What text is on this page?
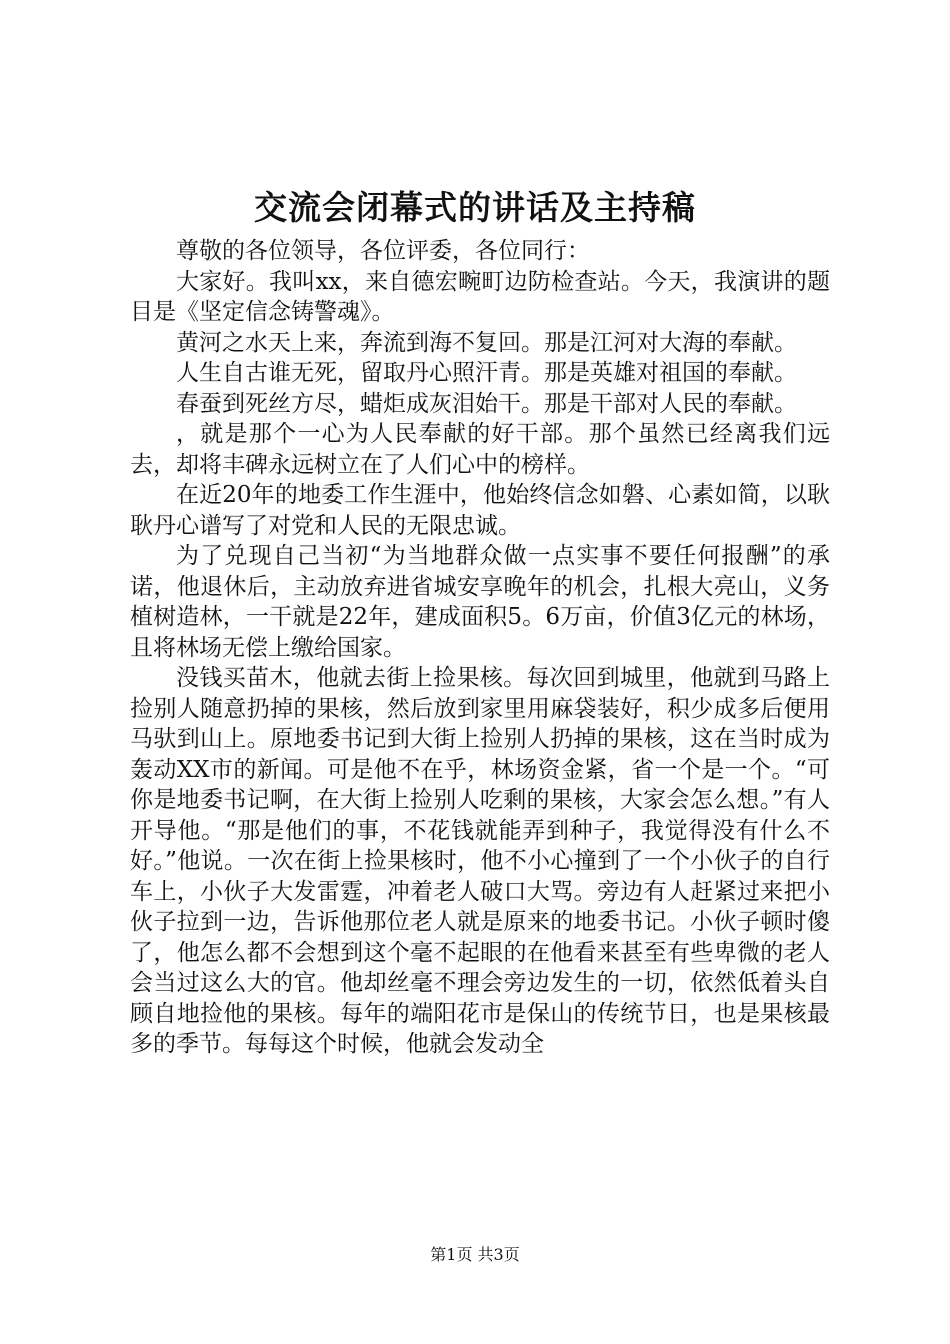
交流会闭幕式的讲话及主持稿

尊敬的各位领导，各位评委，各位同行：

大家好。我叫xx，来自德宏畹町边防检查站。今天，我演讲的题目是《坚定信念铸警魂》。

黄河之水天上来，奔流到海不复回。那是江河对大海的奉献。

人生自古谁无死，留取丹心照汗青。那是英雄对祖国的奉献。

春蚕到死丝方尽，蜡炬成灰泪始干。那是干部对人民的奉献。

，就是那个一心为人民奉献的好干部。那个虽然已经离我们远去，却将丰碑永远树立在了人们心中的榜样。

在近20年的地委工作生涯中，他始终信念如磐、心素如简，以耿耿丹心谱写了对党和人民的无限忠诚。

为了兑现自己当初“为当地群众做一点实事不要任何报酬”的承诺，他退休后，主动放弃进省城安享晚年的机会，扎根大亮山，义务植树造林，一干就是22年，建成面积5。6万亩，价值3亿元的林场，且将林场无偿上缴给国家。

没钱买苗木，他就去街上捡果核。每次回到城里，他就到马路上捡别人随意扔掉的果核，然后放到家里用麻袋装好，积少成多后便用马驮到山上。原地委书记到大街上捡别人扔掉的果核，这在当时成为轰动XX市的新闻。可是他不在乎，林场资金紧，省一个是一个。“可你是地委书记啊，在大街上捡别人吃剩的果核，大家会怎么想。”有人开导他。“那是他们的事，不花钱就能弄到种子，我觉得没有什么不好。”他说。一次在街上捡果核时，他不小心撞到了一个小伙子的自行车上，小伙子大发雷霆，冲着老人破口大骂。旁边有人赶紧过来把小伙子拉到一边，告诉他那位老人就是原来的地委书记。小伙子顿时傻了，他怎么都不会想到这个毫不起眼的在他看来甚至有些卑微的老人会当过这么大的官。他却丝毫不理会旁边发生的一切，依然低着头自顾自地捡他的果核。每年的端阳花市是保山的传统节日，也是果核最多的季节。每每这个时候，他就会发动全

第1页 共3页
